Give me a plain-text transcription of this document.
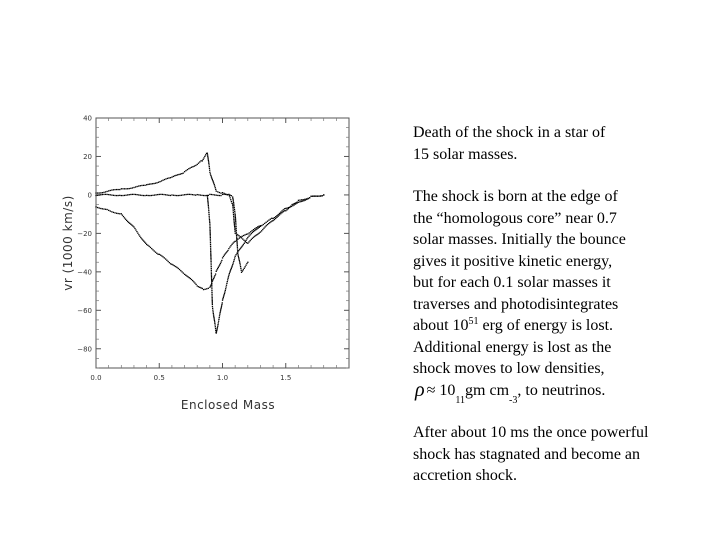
40
20
0
−20
−40
−60
−80
0.0	0.5	1.0	1.5
Enclosed Mass
vr (1000 km/s)

Death of the shock in a star of

15 solar masses.

The shock is born at the edge of

the “homologous core” near 0.7

solar masses. Initially the bounce

gives it positive kinetic energy,

but for each 0.1 solar masses it

traverses and photodisintegrates

about $10^{51}$ erg of energy is lost.

Additional energy is lost as the

shock moves to low densities,

ρ ≈ 10
11
gm cm
-3
, to neutrinos.

After about 10 ms the once powerful

shock has stagnated and become an

accretion shock.
